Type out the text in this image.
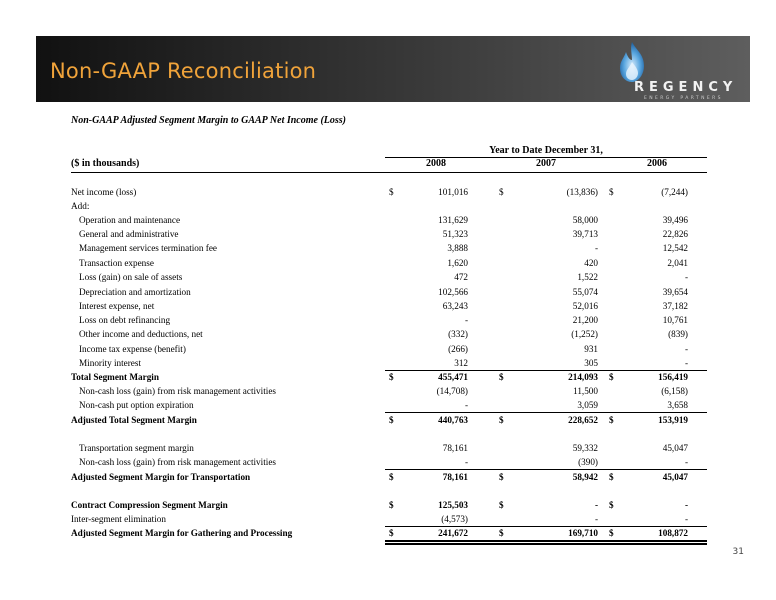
Non-GAAP Reconciliation
REGENCY
ENERGY PARTNERS
Non-GAAP Adjusted Segment Margin to GAAP Net Income (Loss)
Year to Date December 31,
($ in thousands)	2008	2007	2006
Net income (loss)	$	101,016	$	(13,836) $	(7,244)
Add:
Operation and maintenance	131,629	58,000	39,496
General and administrative	51,323	39,713	22,826
Management services termination fee	3,888	-	12,542
Transaction expense	1,620	420	2,041
Loss (gain) on sale of assets	472	1,522	-
Depreciation and amortization	102,566	55,074	39,654
Interest expense, net	63,243	52,016	37,182
Loss on debt refinancing	-	21,200	10,761
Other income and deductions, net	(332)	(1,252)	(839)
Income tax expense (benefit)	(266)	931	-
Minority interest	312	305	-
Total Segment Margin	$	455,471	$	214,093 $	156,419
Non-cash loss (gain) from risk management activities	(14,708)	11,500	(6,158)
Non-cash put option expiration	-	3,059	3,658
Adjusted Total Segment Margin	$	440,763	$	228,652 $	153,919
Transportation segment margin	78,161	59,332	45,047
Non-cash loss (gain) from risk management activities	-	(390)	-
Adjusted Segment Margin for Transportation	$	78,161	$	58,942 $	45,047
Contract Compression Segment Margin	$	125,503	$	- $	-
Inter-segment elimination	(4,573)	-	-
Adjusted Segment Margin for Gathering and Processing	$	241,672	$	169,710 $	108,872
31
